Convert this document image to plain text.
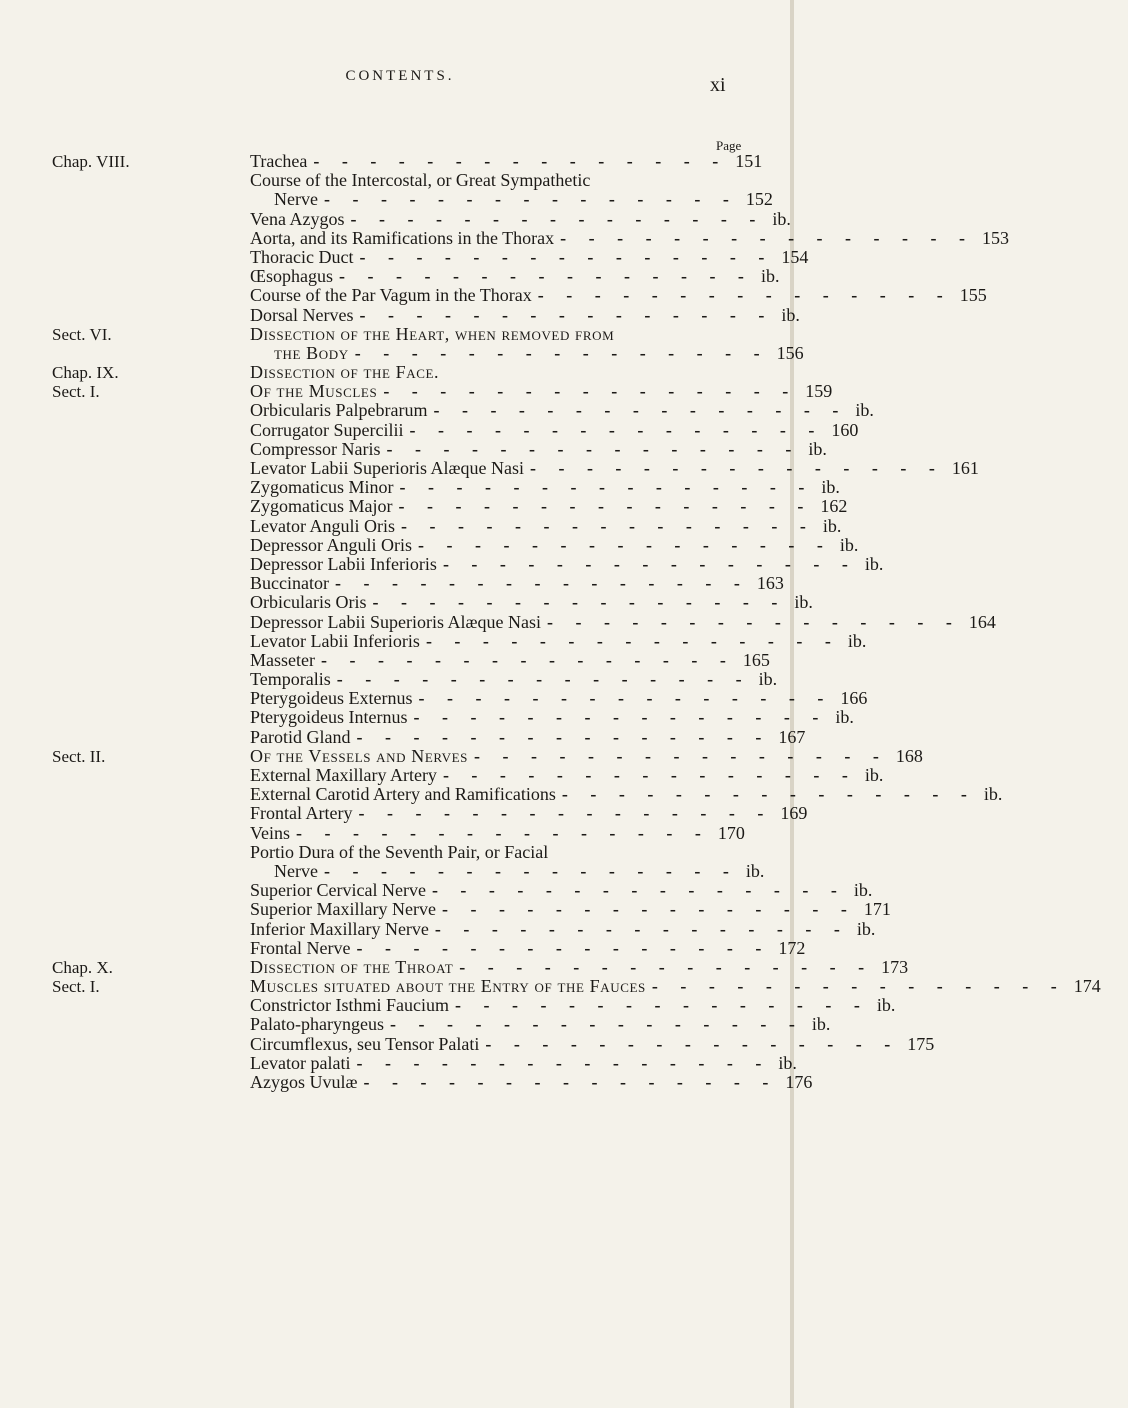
CONTENTS.	xi
Page
Chap. VIII.	Trachea - - - - - - - - - - - - - - - 151
Course of the Intercostal, or Great Sympathetic
Nerve - - - - - - - - - - - - - - - 152
Vena Azygos - - - - - - - - - - - - - - - ib.
Aorta, and its Ramifications in the Thorax - - - - - - - - - - - - - - - 153
Thoracic Duct - - - - - - - - - - - - - - - 154
Œsophagus - - - - - - - - - - - - - - - ib.
Course of the Par Vagum in the Thorax - - - - - - - - - - - - - - - 155
Dorsal Nerves - - - - - - - - - - - - - - - ib.
Sect. VI.	Dissection of the Heart, when removed from
the Body - - - - - - - - - - - - - - - 156
Chap. IX.	Dissection of the Face.
Sect. I.	Of the Muscles - - - - - - - - - - - - - - - 159
Orbicularis Palpebrarum - - - - - - - - - - - - - - - ib.
Corrugator Supercilii - - - - - - - - - - - - - - - 160
Compressor Naris - - - - - - - - - - - - - - - ib.
Levator Labii Superioris Alæque Nasi - - - - - - - - - - - - - - - 161
Zygomaticus Minor - - - - - - - - - - - - - - - ib.
Zygomaticus Major - - - - - - - - - - - - - - - 162
Levator Anguli Oris - - - - - - - - - - - - - - - ib.
Depressor Anguli Oris - - - - - - - - - - - - - - - ib.
Depressor Labii Inferioris - - - - - - - - - - - - - - - ib.
Buccinator - - - - - - - - - - - - - - - 163
Orbicularis Oris - - - - - - - - - - - - - - - ib.
Depressor Labii Superioris Alæque Nasi - - - - - - - - - - - - - - - 164
Levator Labii Inferioris - - - - - - - - - - - - - - - ib.
Masseter - - - - - - - - - - - - - - - 165
Temporalis - - - - - - - - - - - - - - - ib.
Pterygoideus Externus - - - - - - - - - - - - - - - 166
Pterygoideus Internus - - - - - - - - - - - - - - - ib.
Parotid Gland - - - - - - - - - - - - - - - 167
Sect. II.	Of the Vessels and Nerves - - - - - - - - - - - - - - - 168
External Maxillary Artery - - - - - - - - - - - - - - - ib.
External Carotid Artery and Ramifications - - - - - - - - - - - - - - - ib.
Frontal Artery - - - - - - - - - - - - - - - 169
Veins - - - - - - - - - - - - - - - 170
Portio Dura of the Seventh Pair, or Facial
Nerve - - - - - - - - - - - - - - - ib.
Superior Cervical Nerve - - - - - - - - - - - - - - - ib.
Superior Maxillary Nerve - - - - - - - - - - - - - - - 171
Inferior Maxillary Nerve - - - - - - - - - - - - - - - ib.
Frontal Nerve - - - - - - - - - - - - - - - 172
Chap. X.	Dissection of the Throat - - - - - - - - - - - - - - - 173
Sect. I.	Muscles situated about the Entry of the Fauces - - - - - - - - - - - - - - - 174
Constrictor Isthmi Faucium - - - - - - - - - - - - - - - ib.
Palato-pharyngeus - - - - - - - - - - - - - - - ib.
Circumflexus, seu Tensor Palati - - - - - - - - - - - - - - - 175
Levator palati - - - - - - - - - - - - - - - ib.
Azygos Uvulæ - - - - - - - - - - - - - - - 176
